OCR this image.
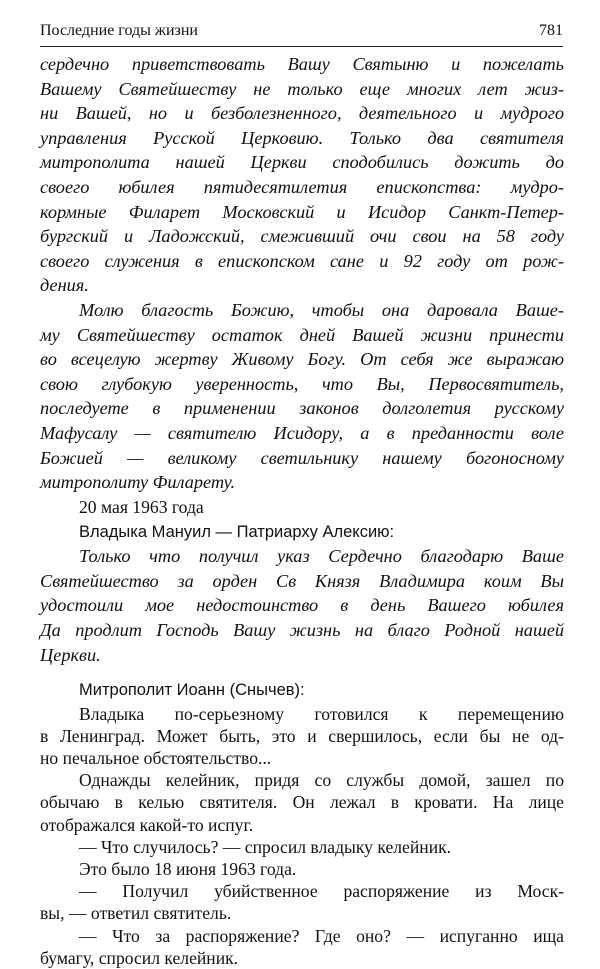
Последние годы жизни	781
сердечно приветствовать Вашу Святыню и пожелать
Вашему Святейшеству не только еще многих лет жиз-
ни Вашей, но и безболезненного, деятельного и мудрого
управления Русской Церковию. Только два святителя
митрополита нашей Церкви сподобились дожить до
своего юбилея пятидесятилетия епископства: мудро-
кормные Филарет Московский и Исидор Санкт-Петер-
бургский и Ладожский, смеживший очи свои на 58 году
своего служения в епископском сане и 92 году от рож-
дения.
Молю благость Божию, чтобы она даровала Ваше-
му Святейшеству остаток дней Вашей жизни принести
во всецелую жертву Живому Богу. От себя же выражаю
свою глубокую уверенность, что Вы, Первосвятитель,
последуете в применении законов долголетия русскому
Мафусалу — святителю Исидору, а в преданности воле
Божией — великому светильнику нашему богоносному
митрополиту Филарету.
20 мая 1963 года
Владыка Мануил — Патриарху Алексию:
Только что получил указ Сердечно благодарю Ваше
Святейшество за орден Св Князя Владимира коим Вы
удостоили мое недостоинство в день Вашего юбилея
Да продлит Господь Вашу жизнь на благо Родной нашей
Церкви.
Митрополит Иоанн (Снычев):
Владыка по-серьезному готовился к перемещению
в Ленинград. Может быть, это и свершилось, если бы не од-
но печальное обстоятельство...
Однажды келейник, придя со службы домой, зашел по
обычаю в келью святителя. Он лежал в кровати. На лице
отображался какой-то испуг.
— Что случилось? — спросил владыку келейник.
Это было 18 июня 1963 года.
— Получил убийственное распоряжение из Моск-
вы, — ответил святитель.
— Что за распоряжение? Где оно? — испуганно ища
бумагу, спросил келейник.
